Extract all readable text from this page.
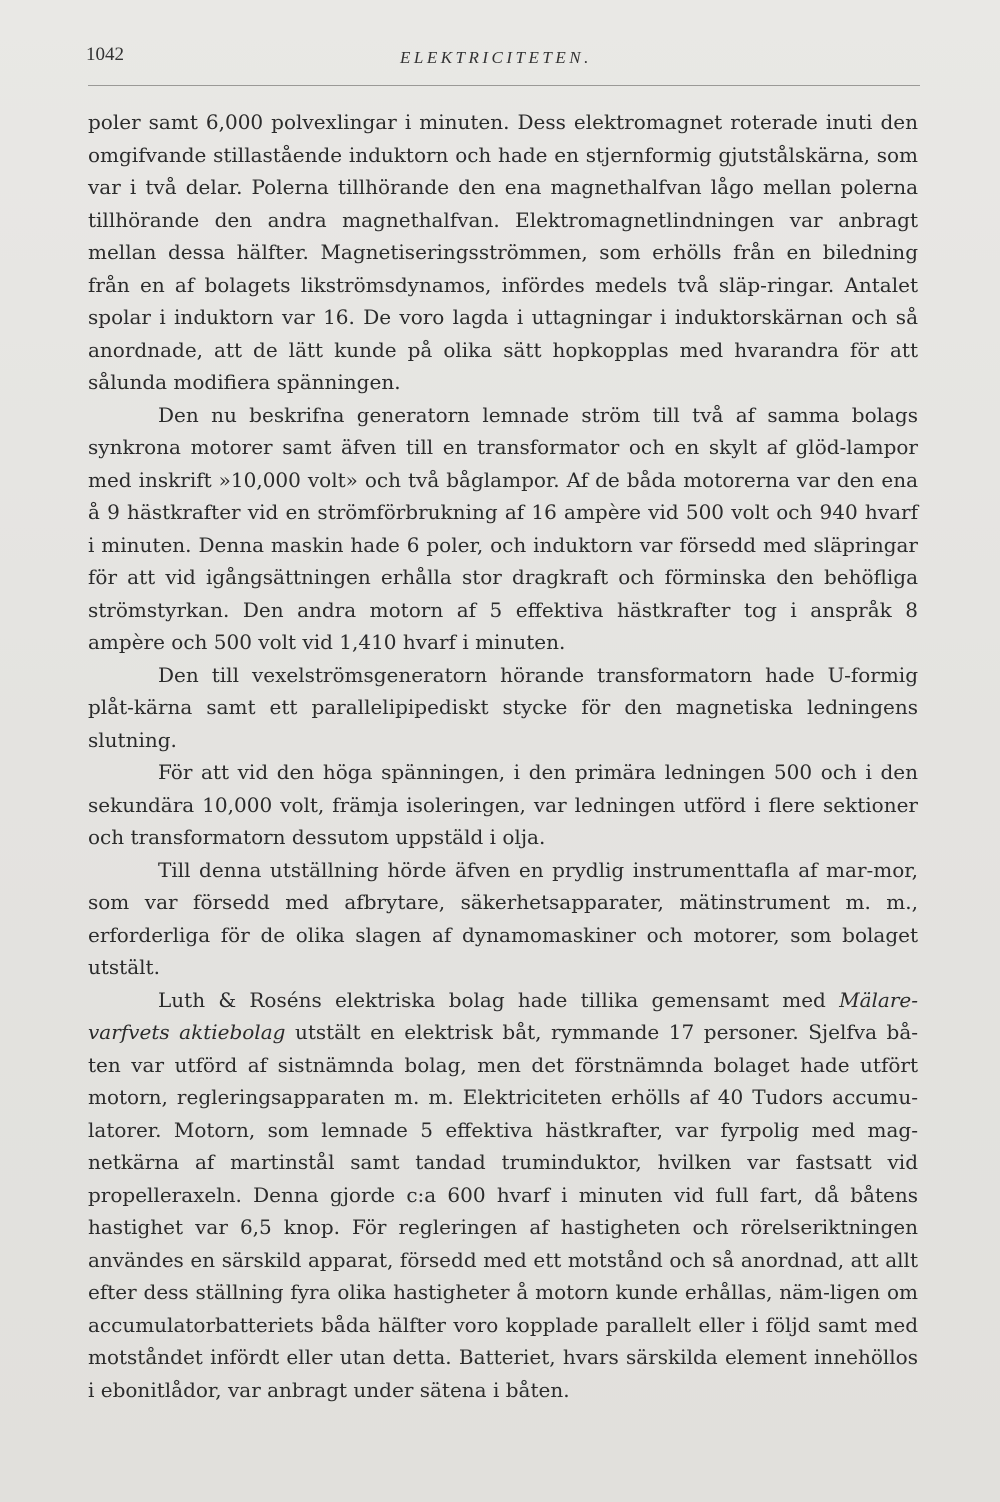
1042	ELEKTRICITETEN.

poler samt 6,000 polvexlingar i minuten. Dess elektromagnet roterade inuti den omgifvande stillastående induktorn och hade en stjernformig gjutstålskärna, som var i två delar. Polerna tillhörande den ena magnethalfvan lågo mellan polerna tillhörande den andra magnethalfvan. Elektromagnetlindningen var anbragt mellan dessa hälfter. Magnetiseringsströmmen, som erhölls från en biledning från en af bolagets likströmsdynamos, infördes medels två släp-ringar. Antalet spolar i induktorn var 16. De voro lagda i uttagningar i induktorskärnan och så anordnade, att de lätt kunde på olika sätt hopkopplas med hvarandra för att sålunda modifiera spänningen.

Den nu beskrifna generatorn lemnade ström till två af samma bolags synkrona motorer samt äfven till en transformator och en skylt af glöd-lampor med inskrift »10,000 volt» och två båglampor. Af de båda motorerna var den ena å 9 hästkrafter vid en strömförbrukning af 16 ampère vid 500 volt och 940 hvarf i minuten. Denna maskin hade 6 poler, och induktorn var försedd med släpringar för att vid igångsättningen erhålla stor dragkraft och förminska den behöfliga strömstyrkan. Den andra motorn af 5 effektiva hästkrafter tog i anspråk 8 ampère och 500 volt vid 1,410 hvarf i minuten.

Den till vexelströmsgeneratorn hörande transformatorn hade U-formig plåt-kärna samt ett parallelipipediskt stycke för den magnetiska ledningens slutning.

För att vid den höga spänningen, i den primära ledningen 500 och i den sekundära 10,000 volt, främja isoleringen, var ledningen utförd i flere sektioner och transformatorn dessutom uppstäld i olja.

Till denna utställning hörde äfven en prydlig instrumenttafla af mar-mor, som var försedd med afbrytare, säkerhetsapparater, mätinstrument m. m., erforderliga för de olika slagen af dynamomaskiner och motorer, som bolaget utstält.

Luth & Roséns elektriska bolag hade tillika gemensamt med Mälare-varfvets aktiebolag utstält en elektrisk båt, rymmande 17 personer. Sjelfva bå-ten var utförd af sistnämnda bolag, men det förstnämnda bolaget hade utfört motorn, regleringsapparaten m. m. Elektriciteten erhölls af 40 Tudors accumu-latorer. Motorn, som lemnade 5 effektiva hästkrafter, var fyrpolig med mag-netkärna af martinstål samt tandad truminduktor, hvilken var fastsatt vid propelleraxeln. Denna gjorde c:a 600 hvarf i minuten vid full fart, då båtens hastighet var 6,5 knop. För regleringen af hastigheten och rörelseriktningen användes en särskild apparat, försedd med ett motstånd och så anordnad, att allt efter dess ställning fyra olika hastigheter å motorn kunde erhållas, näm-ligen om accumulatorbatteriets båda hälfter voro kopplade parallelt eller i följd samt med motståndet infördt eller utan detta. Batteriet, hvars särskilda element innehöllos i ebonitlådor, var anbragt under sätena i båten.
